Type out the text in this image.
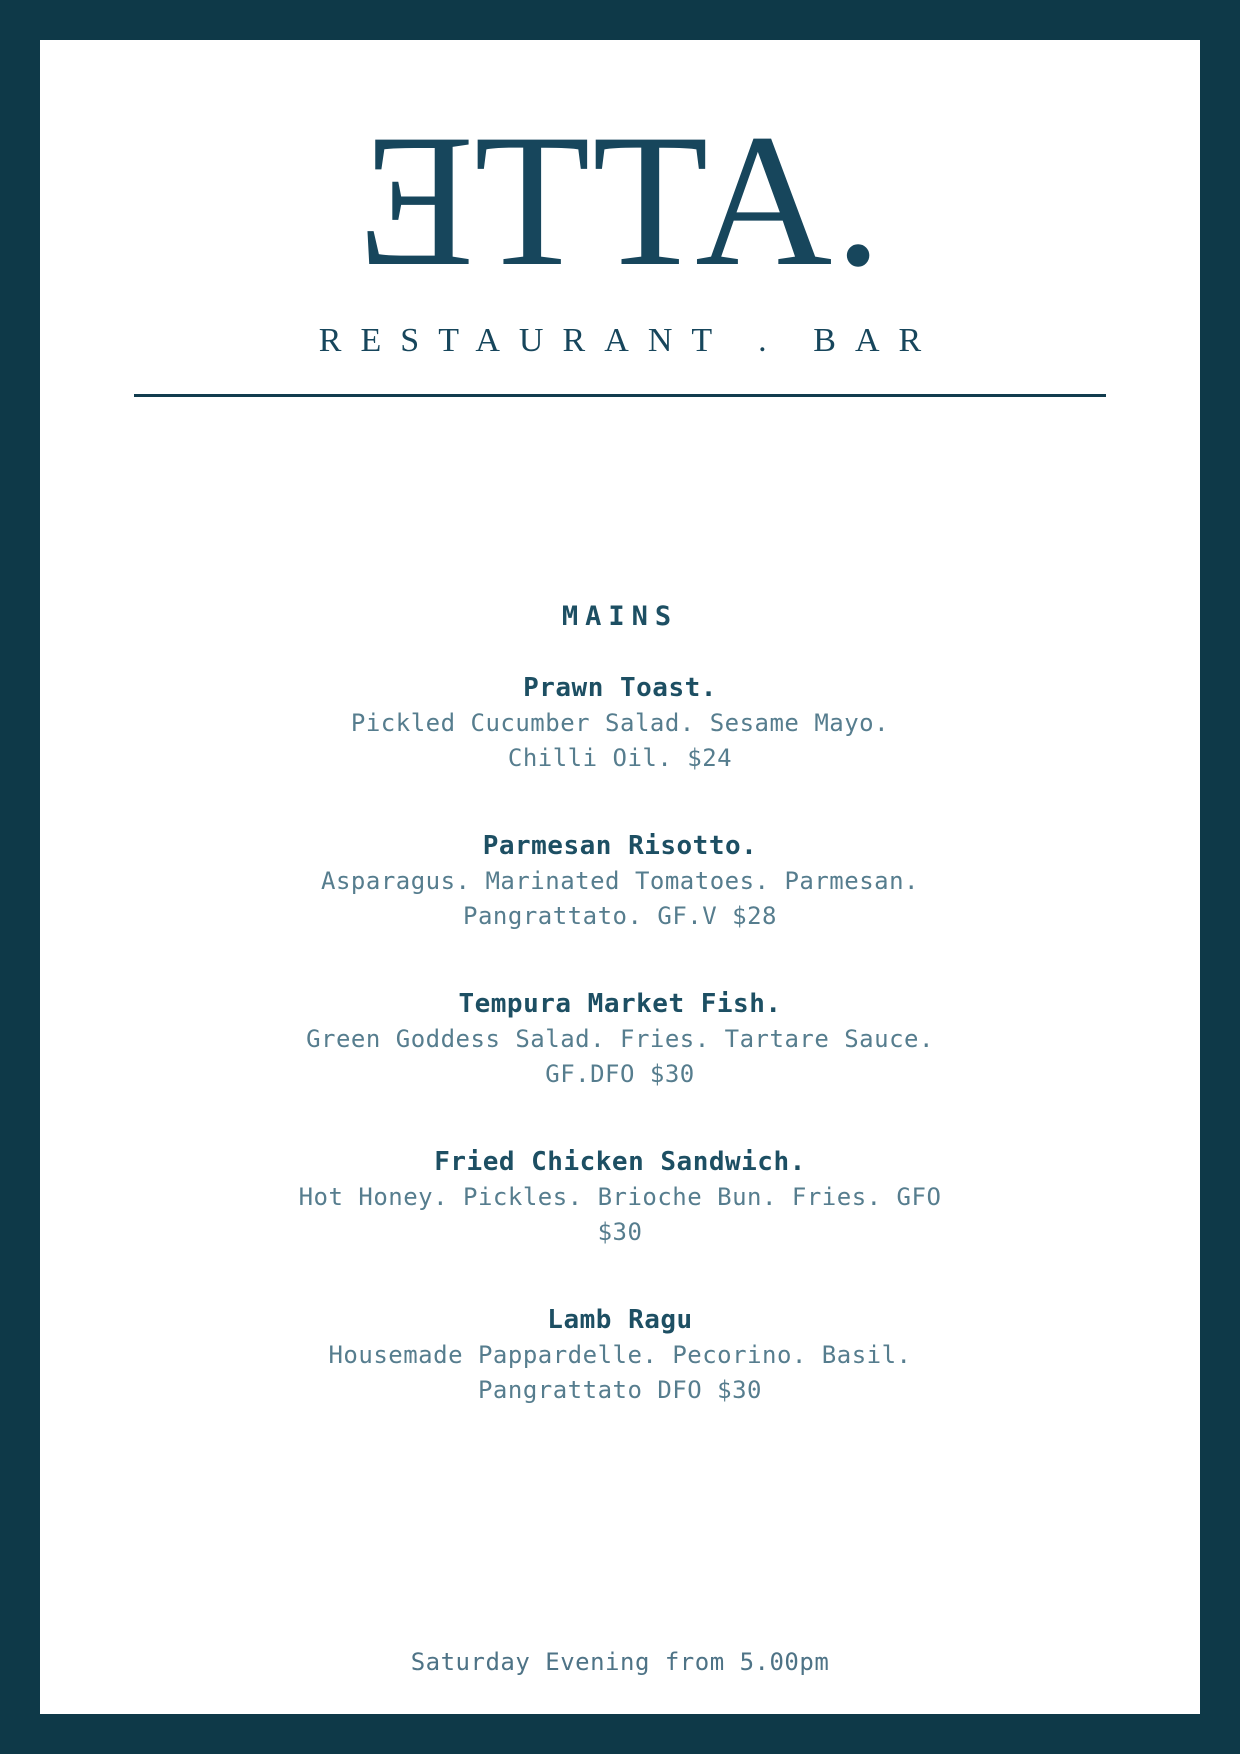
ETTA.
RESTAURANT . BAR
MAINS
Prawn Toast.
Pickled Cucumber Salad. Sesame Mayo.
Chilli Oil. $24
Parmesan Risotto.
Asparagus. Marinated Tomatoes. Parmesan.
Pangrattato. GF.V $28
Tempura Market Fish.
Green Goddess Salad. Fries. Tartare Sauce.
GF.DFO $30
Fried Chicken Sandwich.
Hot Honey. Pickles. Brioche Bun. Fries. GFO
$30
Lamb Ragu
Housemade Pappardelle. Pecorino. Basil.
Pangrattato DFO $30
Saturday Evening from 5.00pm
